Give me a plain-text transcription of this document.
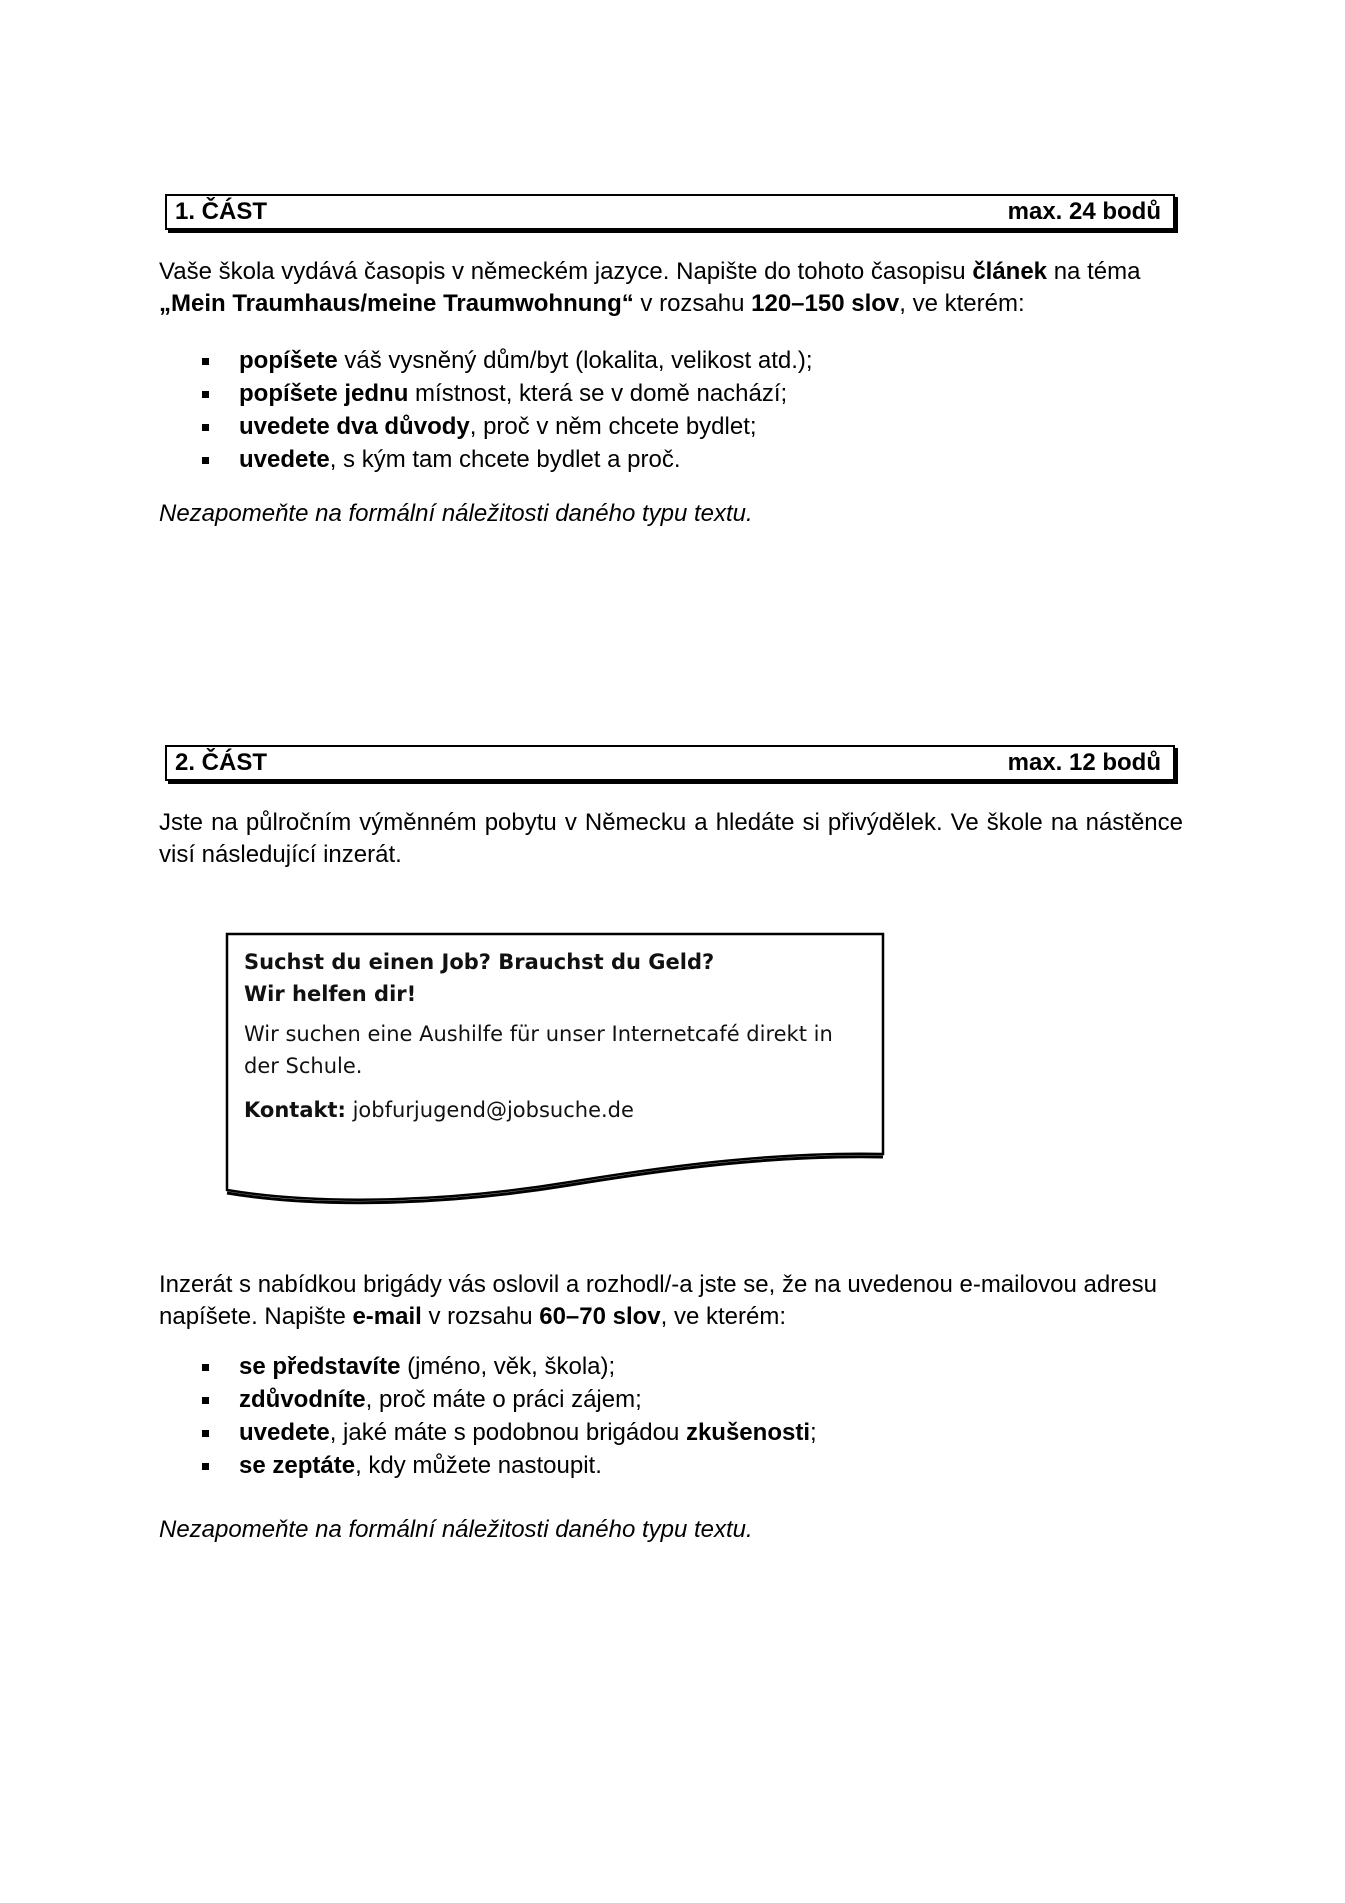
1. ČÁST	max. 24 bodů

Vaše škola vydává časopis v německém jazyce. Napište do tohoto časopisu článek na téma
„Mein Traumhaus/meine Traumwohnung“ v rozsahu 120–150 slov, ve kterém:

popíšete váš vysněný dům/byt (lokalita, velikost atd.);
popíšete jednu místnost, která se v domě nachází;
uvedete dva důvody, proč v něm chcete bydlet;
uvedete, s kým tam chcete bydlet a proč.

Nezapomeňte na formální náležitosti daného typu textu.

2. ČÁST	max. 12 bodů

Jste na půlročním výměnném pobytu v Německu a hledáte si přivýdělek. Ve škole na nástěnce visí následující inzerát.

Suchst du einen Job? Brauchst du Geld?
Wir helfen dir!
Wir suchen eine Aushilfe für unser Internetcafé direkt in der Schule.
Kontakt: jobfurjugend@jobsuche.de

Inzerát s nabídkou brigády vás oslovil a rozhodl/-a jste se, že na uvedenou e-mailovou adresu napíšete. Napište e-mail v rozsahu 60–70 slov, ve kterém:

se představíte (jméno, věk, škola);
zdůvodníte, proč máte o práci zájem;
uvedete, jaké máte s podobnou brigádou zkušenosti;
se zeptáte, kdy můžete nastoupit.

Nezapomeňte na formální náležitosti daného typu textu.
